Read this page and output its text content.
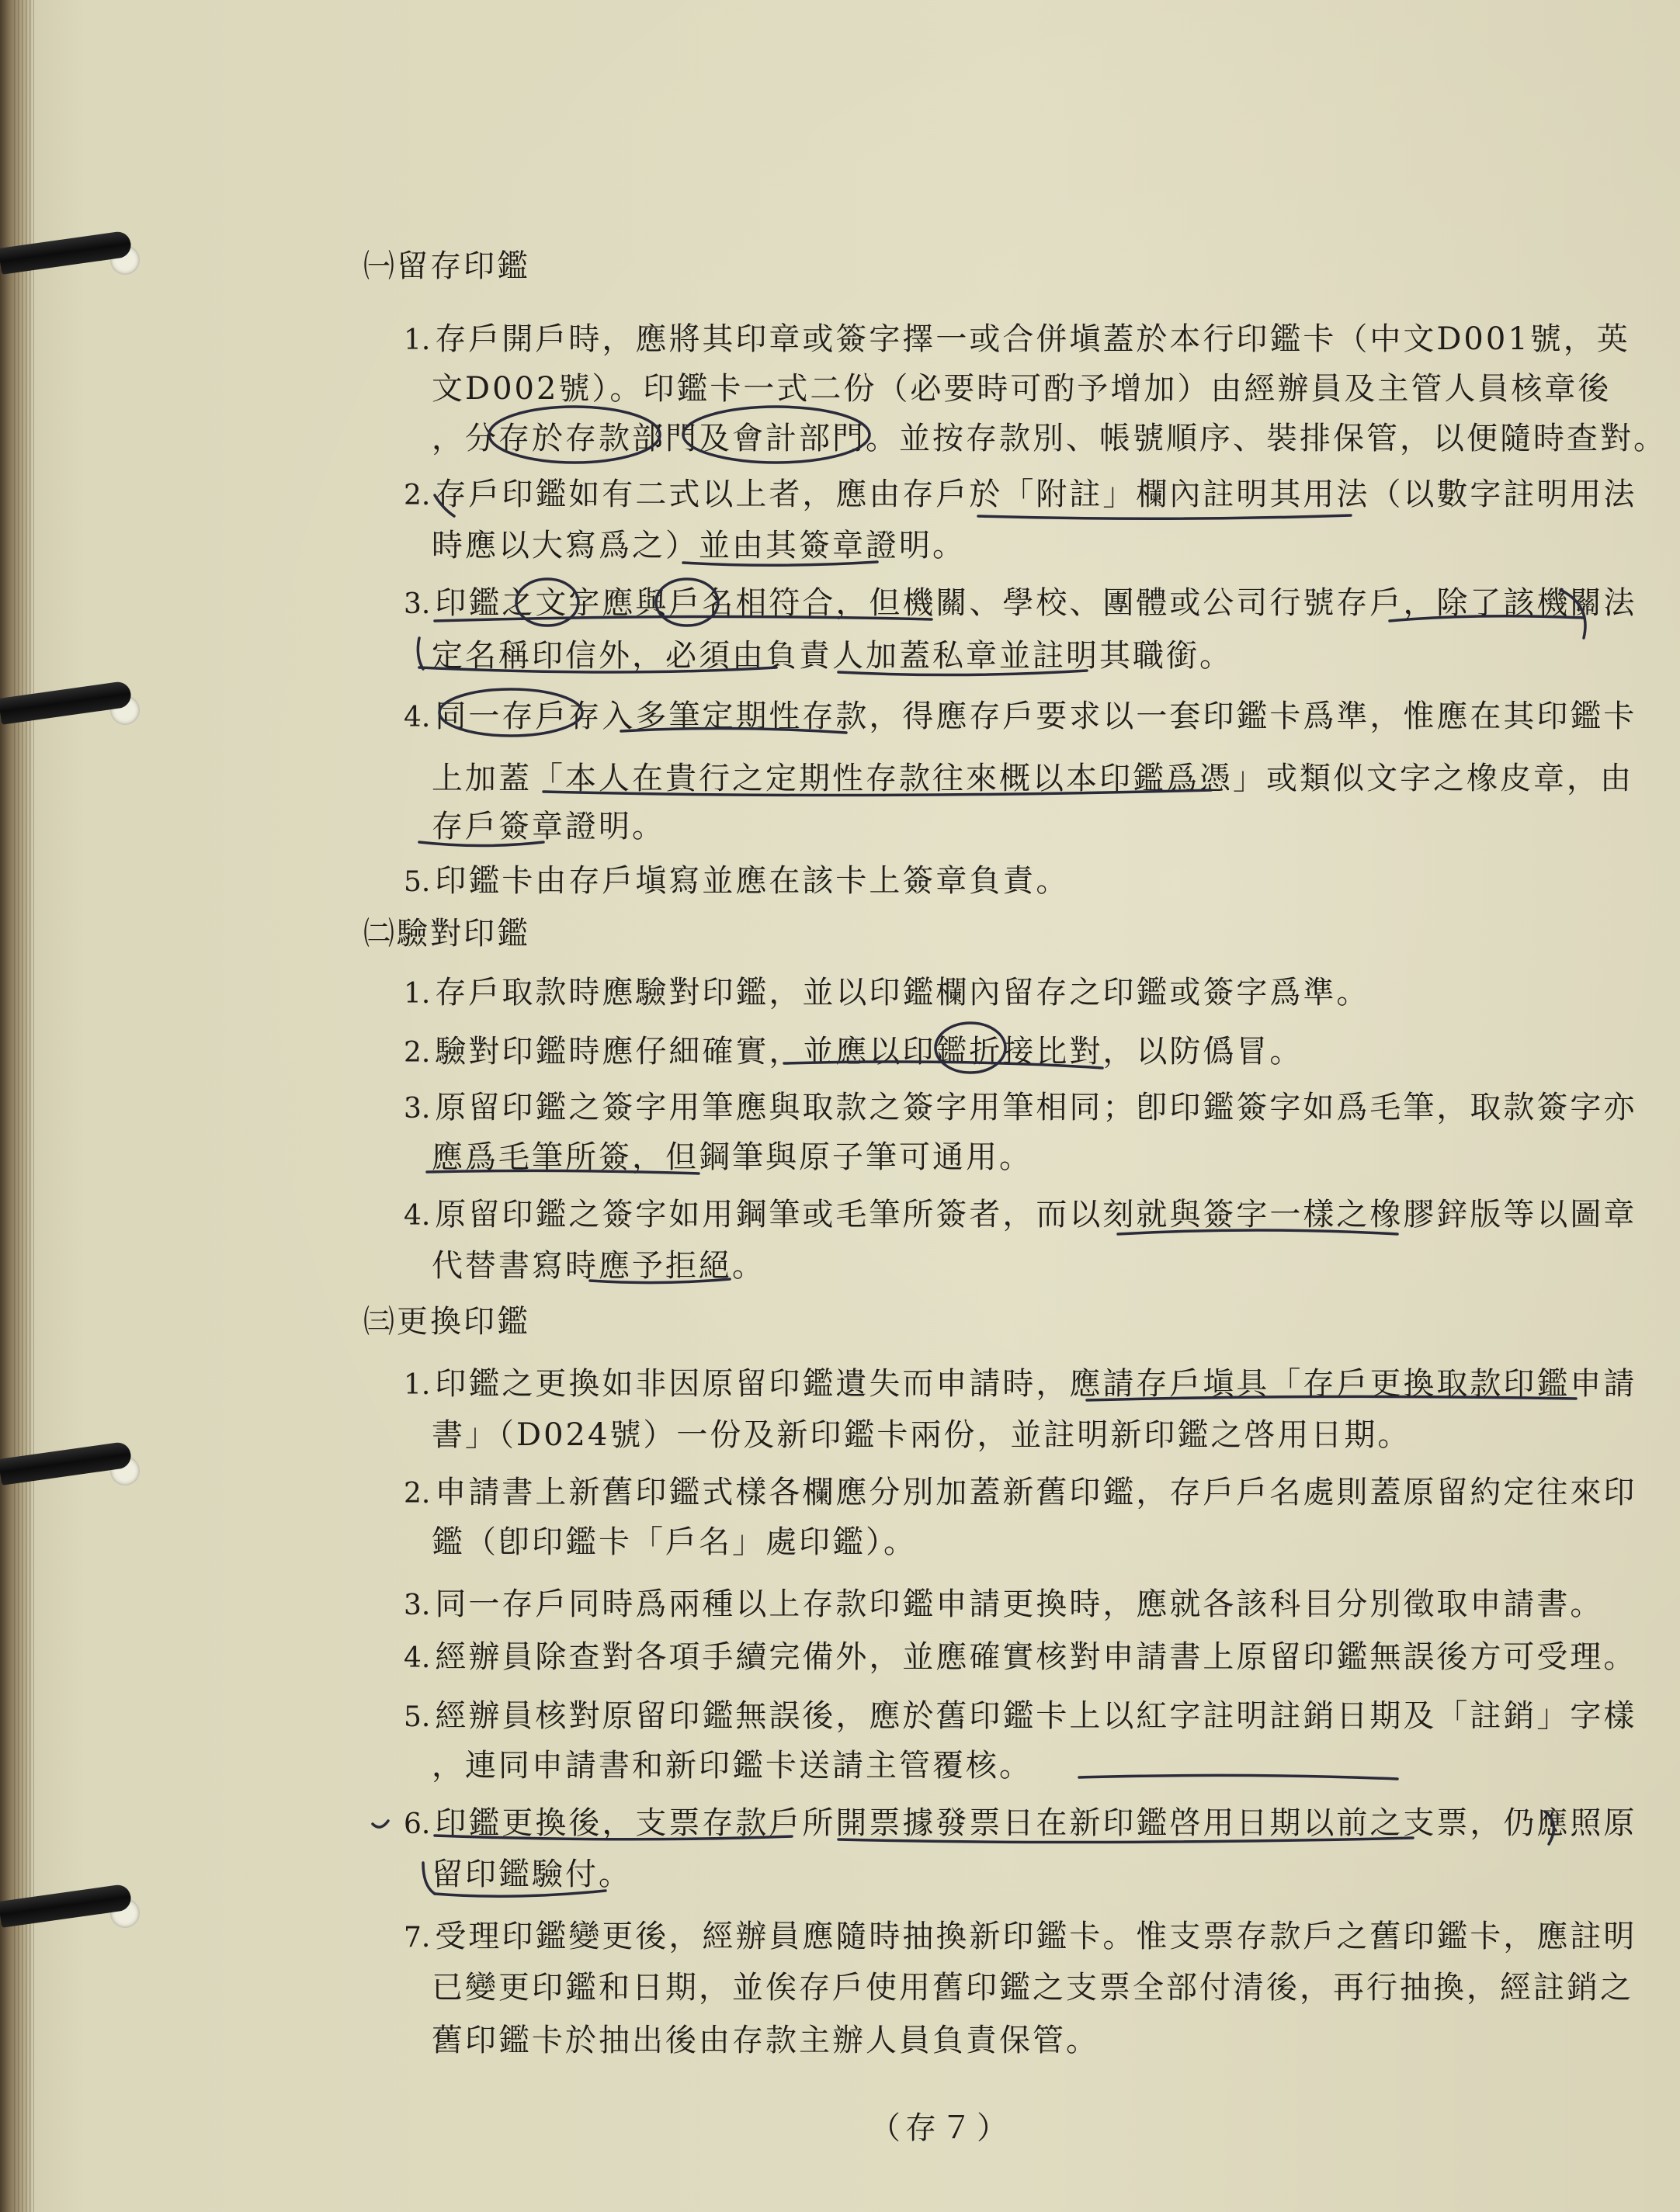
㈠留存印鑑
1. 存戶開戶時，應將其印章或簽字擇一或合併塡蓋於本行印鑑卡（中文D001號，英
文D002號）。印鑑卡一式二份（必要時可酌予增加）由經辦員及主管人員核章後
，分存於存款部門及會計部門。並按存款別、帳號順序、裝排保管，以便隨時查對。
2. 存戶印鑑如有二式以上者，應由存戶於「附註」欄內註明其用法（以數字註明用法
時應以大寫爲之）並由其簽章證明。
3. 印鑑之文字應與戶名相符合，但機關、學校、團體或公司行號存戶，除了該機關法
定名稱印信外，必須由負責人加蓋私章並註明其職銜。
4. 同一存戶存入多筆定期性存款，得應存戶要求以一套印鑑卡爲準，惟應在其印鑑卡
上加蓋「本人在貴行之定期性存款往來概以本印鑑爲憑」或類似文字之橡皮章，由
存戶簽章證明。
5. 印鑑卡由存戶塡寫並應在該卡上簽章負責。
㈡驗對印鑑
1. 存戶取款時應驗對印鑑，並以印鑑欄內留存之印鑑或簽字爲準。
2. 驗對印鑑時應仔細確實，並應以印鑑折接比對，以防僞冒。
3. 原留印鑑之簽字用筆應與取款之簽字用筆相同；卽印鑑簽字如爲毛筆，取款簽字亦
應爲毛筆所簽，但鋼筆與原子筆可通用。
4. 原留印鑑之簽字如用鋼筆或毛筆所簽者，而以刻就與簽字一樣之橡膠鋅版等以圖章
代替書寫時應予拒絕。
㈢更換印鑑
1. 印鑑之更換如非因原留印鑑遺失而申請時，應請存戶塡具「存戶更換取款印鑑申請
書」（D024號）一份及新印鑑卡兩份，並註明新印鑑之啓用日期。
2. 申請書上新舊印鑑式樣各欄應分別加蓋新舊印鑑，存戶戶名處則蓋原留約定往來印
鑑（卽印鑑卡「戶名」處印鑑）。
3. 同一存戶同時爲兩種以上存款印鑑申請更換時，應就各該科目分別徵取申請書。
4. 經辦員除查對各項手續完備外，並應確實核對申請書上原留印鑑無誤後方可受理。
5. 經辦員核對原留印鑑無誤後，應於舊印鑑卡上以紅字註明註銷日期及「註銷」字樣
，連同申請書和新印鑑卡送請主管覆核。
6. 印鑑更換後，支票存款戶所開票據發票日在新印鑑啓用日期以前之支票，仍應照原
留印鑑驗付。
7. 受理印鑑變更後，經辦員應隨時抽換新印鑑卡。惟支票存款戶之舊印鑑卡，應註明
已變更印鑑和日期，並俟存戶使用舊印鑑之支票全部付清後，再行抽換，經註銷之
舊印鑑卡於抽出後由存款主辦人員負責保管。
（存７）
